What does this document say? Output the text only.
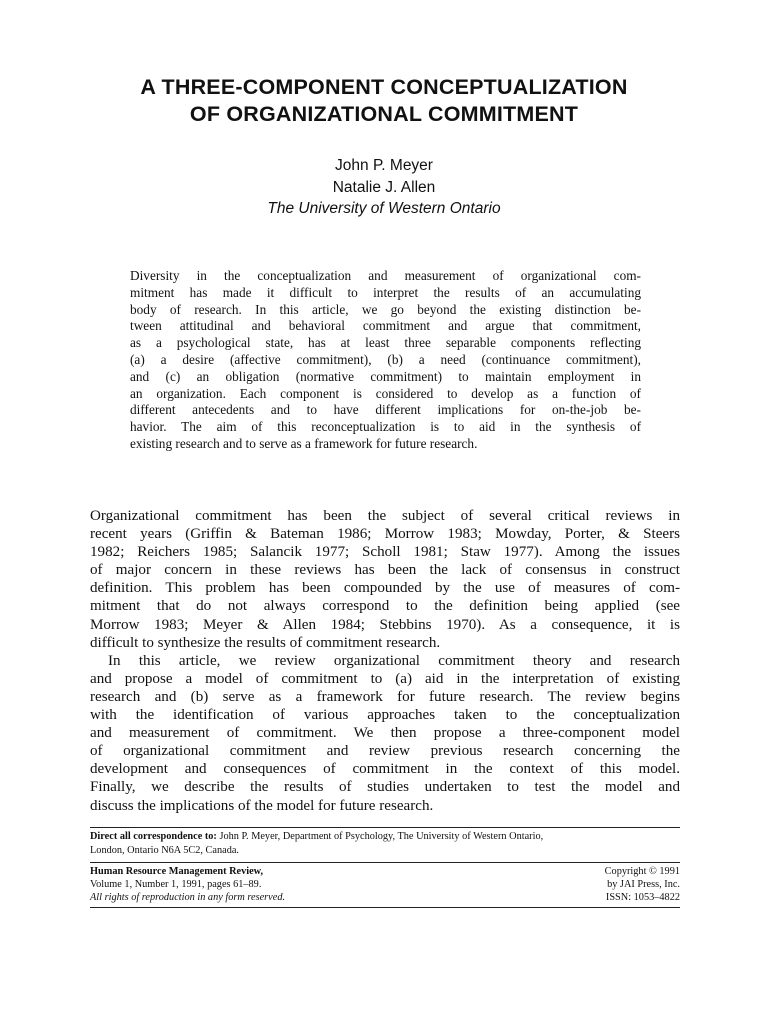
A THREE-COMPONENT CONCEPTUALIZATION
OF ORGANIZATIONAL COMMITMENT
John P. Meyer
Natalie J. Allen
The University of Western Ontario
Diversity in the conceptualization and measurement of organizational com-
mitment has made it difficult to interpret the results of an accumulating
body of research. In this article, we go beyond the existing distinction be-
tween attitudinal and behavioral commitment and argue that commitment,
as a psychological state, has at least three separable components reflecting
(a) a desire (affective commitment), (b) a need (continuance commitment),
and (c) an obligation (normative commitment) to maintain employment in
an organization. Each component is considered to develop as a function of
different antecedents and to have different implications for on-the-job be-
havior. The aim of this reconceptualization is to aid in the synthesis of
existing research and to serve as a framework for future research.
Organizational commitment has been the subject of several critical reviews in
recent years (Griffin & Bateman 1986; Morrow 1983; Mowday, Porter, & Steers
1982; Reichers 1985; Salancik 1977; Scholl 1981; Staw 1977). Among the issues
of major concern in these reviews has been the lack of consensus in construct
definition. This problem has been compounded by the use of measures of com-
mitment that do not always correspond to the definition being applied (see
Morrow 1983; Meyer & Allen 1984; Stebbins 1970). As a consequence, it is
difficult to synthesize the results of commitment research.
In this article, we review organizational commitment theory and research
and propose a model of commitment to (a) aid in the interpretation of existing
research and (b) serve as a framework for future research. The review begins
with the identification of various approaches taken to the conceptualization
and measurement of commitment. We then propose a three-component model
of organizational commitment and review previous research concerning the
development and consequences of commitment in the context of this model.
Finally, we describe the results of studies undertaken to test the model and
discuss the implications of the model for future research.
Direct all correspondence to: John P. Meyer, Department of Psychology, The University of Western Ontario,
London, Ontario N6A 5C2, Canada.
Human Resource Management Review,
Volume 1, Number 1, 1991, pages 61–89.
All rights of reproduction in any form reserved.
Copyright © 1991
by JAI Press, Inc.
ISSN: 1053–4822
